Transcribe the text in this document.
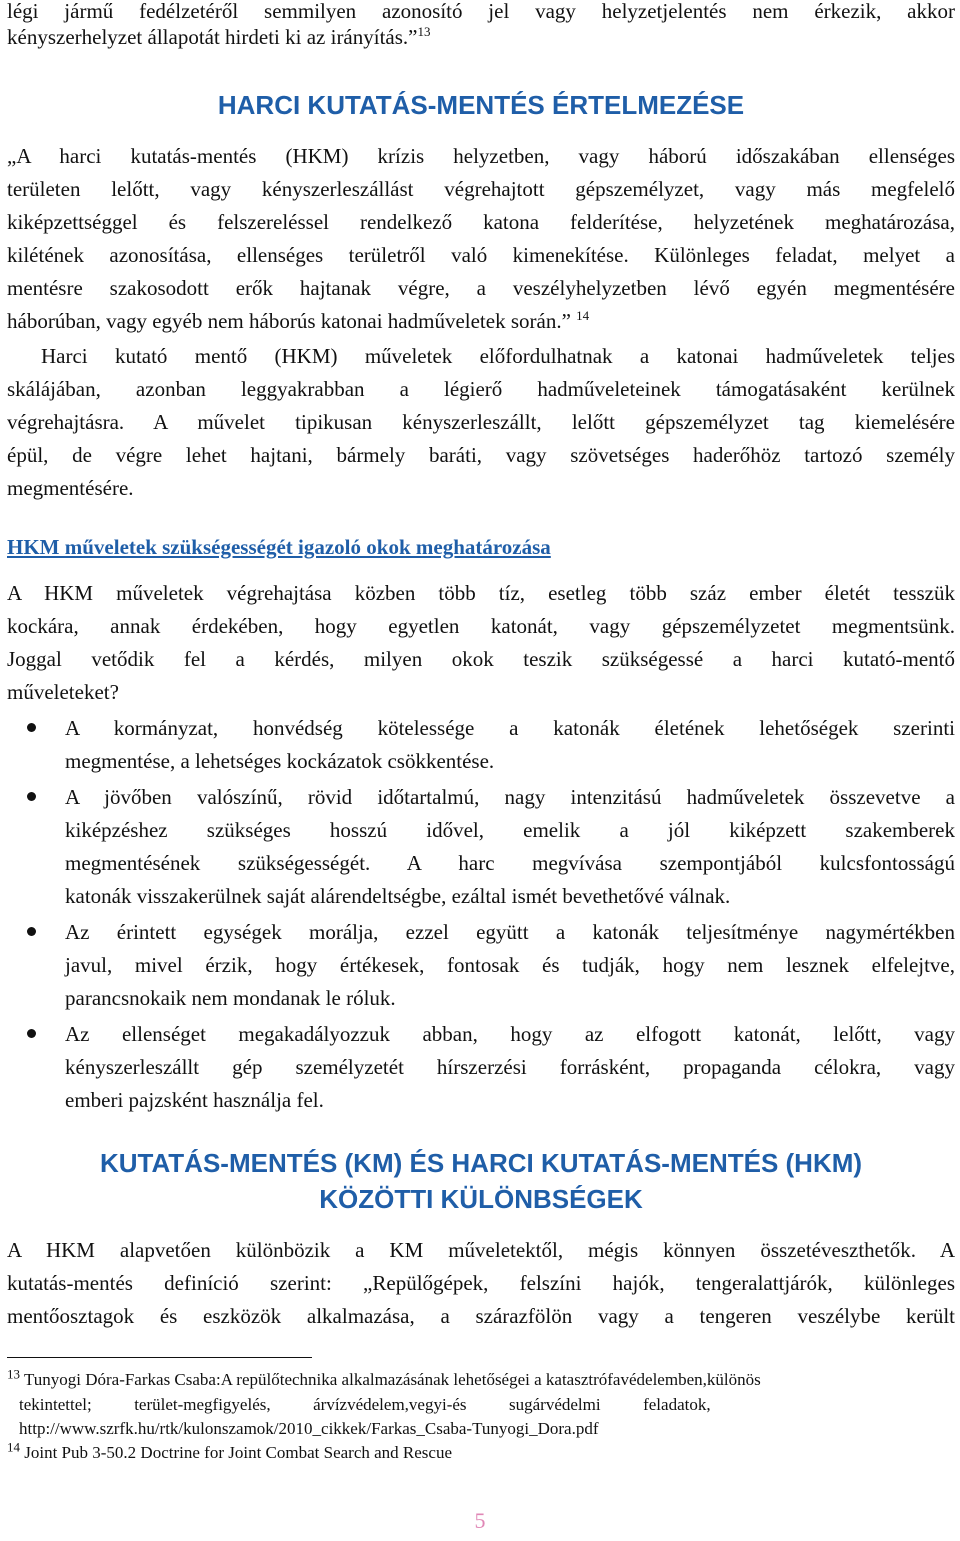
légi jármű fedélzetéről semmilyen azonosító jel vagy helyzetjelentés nem érkezik, akkor
kényszerhelyzet állapotát hirdeti ki az irányítás.”$^{13}$
HARCI KUTATÁS-MENTÉS ÉRTELMEZÉSE
„A harci kutatás-mentés (HKM) krízis helyzetben, vagy háború időszakában ellenséges
területen lelőtt, vagy kényszerleszállást végrehajtott gépszemélyzet, vagy más megfelelő
kiképzettséggel és felszereléssel rendelkező katona felderítése, helyzetének meghatározása,
kilétének azonosítása, ellenséges területről való kimenekítése. Különleges feladat, melyet a
mentésre szakosodott erők hajtanak végre, a veszélyhelyzetben lévő egyén megmentésére
háborúban, vagy egyéb nem háborús katonai hadműveletek során.” $^{14}$
Harci kutató mentő (HKM) műveletek előfordulhatnak a katonai hadműveletek teljes
skálájában, azonban leggyakrabban a légierő hadműveleteinek támogatásaként kerülnek
végrehajtásra. A művelet tipikusan kényszerleszállt, lelőtt gépszemélyzet tag kiemelésére
épül, de végre lehet hajtani, bármely baráti, vagy szövetséges haderőhöz tartozó személy
megmentésére.
HKM műveletek szükségességét igazoló okok meghatározása
A HKM műveletek végrehajtása közben több tíz, esetleg több száz ember életét tesszük
kockára, annak érdekében, hogy egyetlen katonát, vagy gépszemélyzetet megmentsünk.
Joggal vetődik fel a kérdés, milyen okok teszik szükségessé a harci kutató-mentő
műveleteket?
A kormányzat, honvédség kötelessége a katonák életének lehetőségek szerinti
megmentése, a lehetséges kockázatok csökkentése.
A jövőben valószínű, rövid időtartalmú, nagy intenzitású hadműveletek összevetve a
kiképzéshez szükséges hosszú idővel, emelik a jól kiképzett szakemberek
megmentésének szükségességét. A harc megvívása szempontjából kulcsfontosságú
katonák visszakerülnek saját alárendeltségbe, ezáltal ismét bevethetővé válnak.
Az érintett egységek morálja, ezzel együtt a katonák teljesítménye nagymértékben
javul, mivel érzik, hogy értékesek, fontosak és tudják, hogy nem lesznek elfelejtve,
parancsnokaik nem mondanak le róluk.
Az ellenséget megakadályozzuk abban, hogy az elfogott katonát, lelőtt, vagy
kényszerleszállt gép személyzetét hírszerzési forrásként, propaganda célokra, vagy
emberi pajzsként használja fel.
KUTATÁS-MENTÉS (KM) ÉS HARCI KUTATÁS-MENTÉS (HKM)
KÖZÖTTI KÜLÖNBSÉGEK
A HKM alapvetően különbözik a KM műveletektől, mégis könnyen összetéveszthetők. A
kutatás-mentés definíció szerint: „Repülőgépek, felszíni hajók, tengeralattjárók, különleges
mentőosztagok és eszközök alkalmazása, a szárazfölön vagy a tengeren veszélybe került
$^{13}$ Tunyogi Dóra-Farkas Csaba:A repülőtechnika alkalmazásának lehetőségei a katasztrófavédelemben,különös
tekintettel;          terület-megfigyelés,          árvízvédelem,vegyi-és          sugárvédelmi          feladatok,
http://www.szrfk.hu/rtk/kulonszamok/2010_cikkek/Farkas_Csaba-Tunyogi_Dora.pdf
$^{14}$ Joint Pub 3-50.2 Doctrine for Joint Combat Search and Rescue
5
